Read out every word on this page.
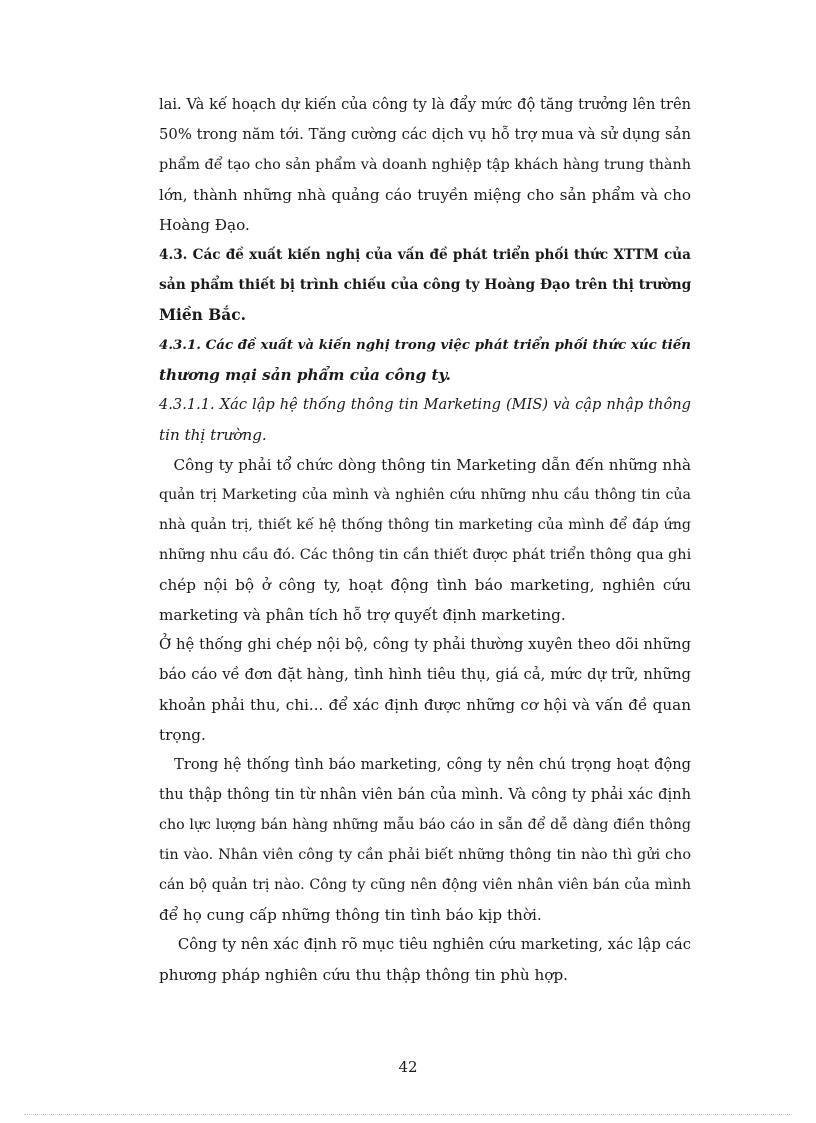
lai. Và kế hoạch dự kiến của công ty là đẩy mức độ tăng trưởng lên trên
50% trong năm tới. Tăng cường các dịch vụ hỗ trợ mua và sử dụng sản
phẩm để tạo cho sản phẩm và doanh nghiệp tập khách hàng trung thành
lớn, thành những nhà quảng cáo truyền miệng cho sản phẩm và cho
Hoàng Đạo.
4.3. Các đề xuất kiến nghị của vấn đề phát triển phối thức XTTM của
sản phẩm thiết bị trình chiếu của công ty Hoàng Đạo trên thị trường
Miền Bắc.
4.3.1. Các đề xuất và kiến nghị trong việc phát triển phối thức xúc tiến
thương mại sản phẩm của công ty.
4.3.1.1. Xác lập hệ thống thông tin Marketing (MIS) và cập nhập thông
tin thị trường.
Công ty phải tổ chức dòng thông tin Marketing dẫn đến những nhà
quản trị Marketing của mình và nghiên cứu những nhu cầu thông tin của
nhà quản trị, thiết kế hệ thống thông tin marketing của mình để đáp ứng
những nhu cầu đó. Các thông tin cần thiết được phát triển thông qua ghi
chép nội bộ ở công ty, hoạt động tình báo marketing, nghiên cứu
marketing và phân tích hỗ trợ quyết định marketing.
Ở hệ thống ghi chép nội bộ, công ty phải thường xuyên theo dõi những
báo cáo về đơn đặt hàng, tình hình tiêu thụ, giá cả, mức dự trữ, những
khoản phải thu, chi... để xác định được những cơ hội và vấn đề quan
trọng.
Trong hệ thống tình báo marketing, công ty nên chú trọng hoạt động
thu thập thông tin từ nhân viên bán của mình. Và công ty phải xác định
cho lực lượng bán hàng những mẫu báo cáo in sẵn để dễ dàng điền thông
tin vào. Nhân viên công ty cần phải biết những thông tin nào thì gửi cho
cán bộ quản trị nào. Công ty cũng nên động viên nhân viên bán của mình
để họ cung cấp những thông tin tình báo kịp thời.
Công ty nên xác định rõ mục tiêu nghiên cứu marketing, xác lập các
phương pháp nghiên cứu thu thập thông tin phù hợp.
42
